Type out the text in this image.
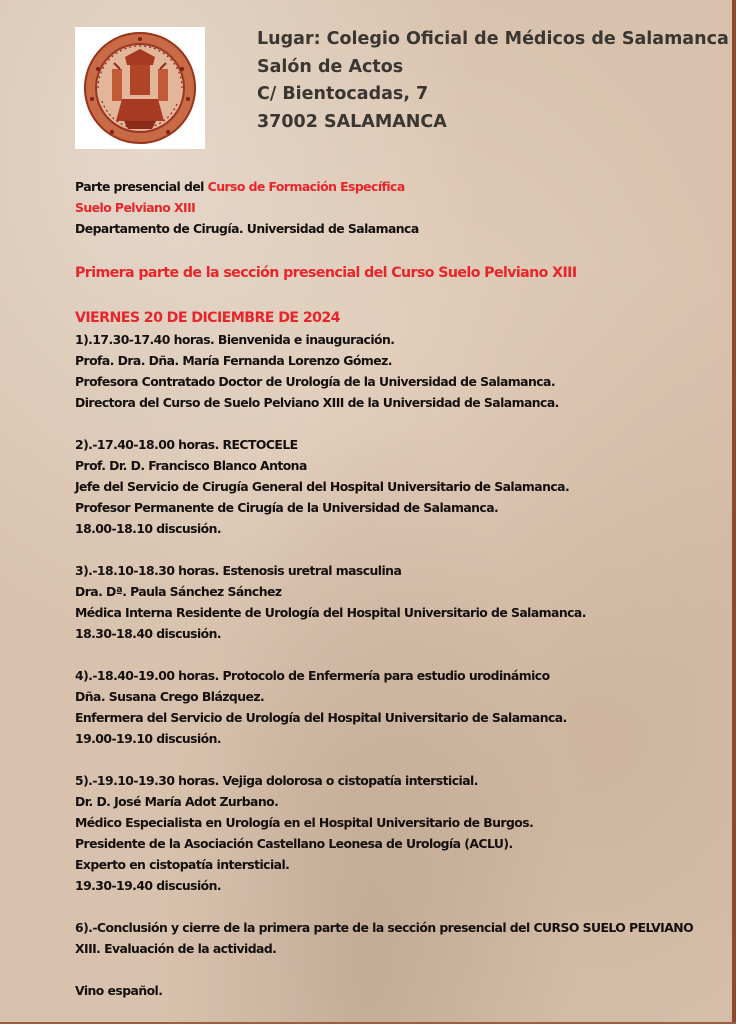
Lugar: Colegio Oficial de Médicos de Salamanca
Salón de Actos
C/ Bientocadas, 7
37002 SALAMANCA
Parte presencial del Curso de Formación Específica
Suelo Pelviano XIII
Departamento de Cirugía. Universidad de Salamanca
Primera parte de la sección presencial del Curso Suelo Pelviano XIII
VIERNES 20 DE DICIEMBRE DE 2024
1).17.30-17.40 horas. Bienvenida e inauguración.
Profa. Dra. Dña. María Fernanda Lorenzo Gómez.
Profesora Contratado Doctor de Urología de la Universidad de Salamanca.
Directora del Curso de Suelo Pelviano XIII de la Universidad de Salamanca.
2).-17.40-18.00 horas. RECTOCELE
Prof. Dr. D. Francisco Blanco Antona
Jefe del Servicio de Cirugía General del Hospital Universitario de Salamanca.
Profesor Permanente de Cirugía de la Universidad de Salamanca.
18.00-18.10 discusión.
3).-18.10-18.30 horas. Estenosis uretral masculina
Dra. Dª. Paula Sánchez Sánchez
Médica Interna Residente de Urología del Hospital Universitario de Salamanca.
18.30-18.40 discusión.
4).-18.40-19.00 horas. Protocolo de Enfermería para estudio urodinámico
Dña. Susana Crego Blázquez.
Enfermera del Servicio de Urología del Hospital Universitario de Salamanca.
19.00-19.10 discusión.
5).-19.10-19.30 horas. Vejiga dolorosa o cistopatía intersticial.
Dr. D. José María Adot Zurbano.
Médico Especialista en Urología en el Hospital Universitario de Burgos.
Presidente de la Asociación Castellano Leonesa de Urología (ACLU).
Experto en cistopatía intersticial.
19.30-19.40 discusión.
6).-Conclusión y cierre de la primera parte de la sección presencial del CURSO SUELO PELVIANO
XIII. Evaluación de la actividad.
Vino español.
